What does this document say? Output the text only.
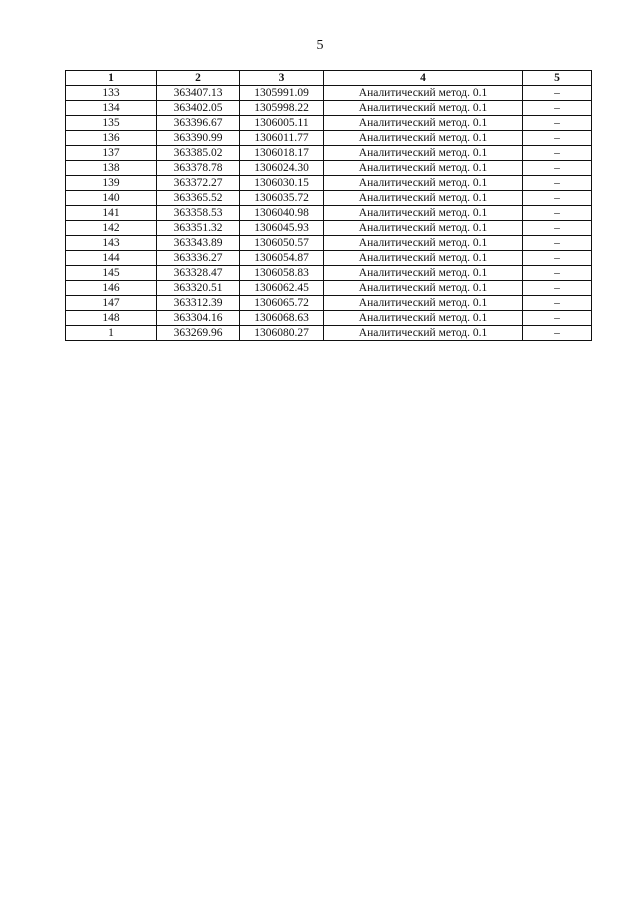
5
1	2	3	4	5
133	363407.13	1305991.09	Аналитический метод. 0.1	–
134	363402.05	1305998.22	Аналитический метод. 0.1	–
135	363396.67	1306005.11	Аналитический метод. 0.1	–
136	363390.99	1306011.77	Аналитический метод. 0.1	–
137	363385.02	1306018.17	Аналитический метод. 0.1	–
138	363378.78	1306024.30	Аналитический метод. 0.1	–
139	363372.27	1306030.15	Аналитический метод. 0.1	–
140	363365.52	1306035.72	Аналитический метод. 0.1	–
141	363358.53	1306040.98	Аналитический метод. 0.1	–
142	363351.32	1306045.93	Аналитический метод. 0.1	–
143	363343.89	1306050.57	Аналитический метод. 0.1	–
144	363336.27	1306054.87	Аналитический метод. 0.1	–
145	363328.47	1306058.83	Аналитический метод. 0.1	–
146	363320.51	1306062.45	Аналитический метод. 0.1	–
147	363312.39	1306065.72	Аналитический метод. 0.1	–
148	363304.16	1306068.63	Аналитический метод. 0.1	–
1	363269.96	1306080.27	Аналитический метод. 0.1	–
